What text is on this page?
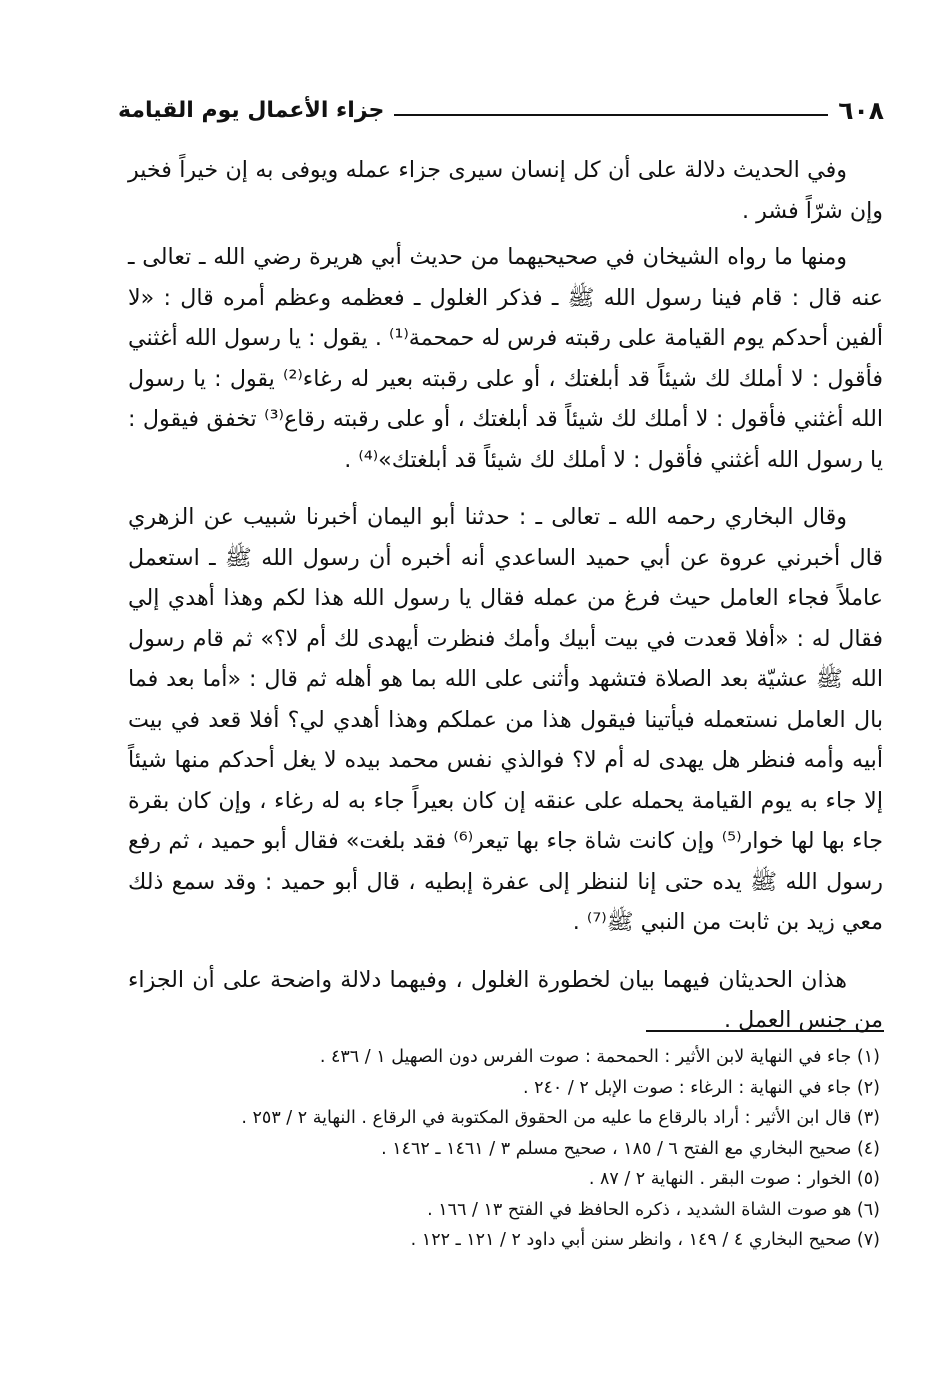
٦٠٨
جزاء الأعمال يوم القيامة

وفي الحديث دلالة على أن كل إنسان سيرى جزاء عمله ويوفى به إن خيراً فخير وإن شرّاً فشر .

ومنها ما رواه الشيخان في صحيحيهما من حديث أبي هريرة رضي الله ـ تعالى ـ عنه قال : قام فينا رسول الله ﷺ ـ فذكر الغلول ـ فعظمه وعظم أمره قال : «لا ألفين أحدكم يوم القيامة على رقبته فرس له حمحمة⁽¹⁾ . يقول : يا رسول الله أغثني فأقول : لا أملك لك شيئاً قد أبلغتك ، أو على رقبته بعير له رغاء⁽²⁾ يقول : يا رسول الله أغثني فأقول : لا أملك لك شيئاً قد أبلغتك ، أو على رقبته رقاع⁽³⁾ تخفق فيقول : يا رسول الله أغثني فأقول : لا أملك لك شيئاً قد أبلغتك»⁽⁴⁾ .

وقال البخاري رحمه الله ـ تعالى ـ : حدثنا أبو اليمان أخبرنا شبيب عن الزهري قال أخبرني عروة عن أبي حميد الساعدي أنه أخبره أن رسول الله ﷺ ـ استعمل عاملاً فجاء العامل حيث فرغ من عمله فقال يا رسول الله هذا لكم وهذا أهدي إلي فقال له : «أفلا قعدت في بيت أبيك وأمك فنظرت أيهدى لك أم لا؟» ثم قام رسول الله ﷺ عشيّة بعد الصلاة فتشهد وأثنى على الله بما هو أهله ثم قال : «أما بعد فما بال العامل نستعمله فيأتينا فيقول هذا من عملكم وهذا أهدي لي؟ أفلا قعد في بيت أبيه وأمه فنظر هل يهدى له أم لا؟ فوالذي نفس محمد بيده لا يغل أحدكم منها شيئاً إلا جاء به يوم القيامة يحمله على عنقه إن كان بعيراً جاء به له رغاء ، وإن كان بقرة جاء بها لها خوار⁽⁵⁾ وإن كانت شاة جاء بها تيعر⁽⁶⁾ فقد بلغت» فقال أبو حميد ، ثم رفع رسول الله ﷺ يده حتى إنا لننظر إلى عفرة إبطيه ، قال أبو حميد : وقد سمع ذلك معي زيد بن ثابت من النبي ﷺ⁽⁷⁾ .

هذان الحديثان فيهما بيان لخطورة الغلول ، وفيهما دلالة واضحة على أن الجزاء من جنس العمل .

(١) جاء في النهاية لابن الأثير : الحمحمة : صوت الفرس دون الصهيل ١ / ٤٣٦ .
(٢) جاء في النهاية : الرغاء : صوت الإبل ٢ / ٢٤٠ .
(٣) قال ابن الأثير : أراد بالرقاع ما عليه من الحقوق المكتوبة في الرقاع . النهاية ٢ / ٢٥٣ .
(٤) صحيح البخاري مع الفتح ٦ / ١٨٥ ، صحيح مسلم ٣ / ١٤٦١ ـ ١٤٦٢ .
(٥) الخوار : صوت البقر . النهاية ٢ / ٨٧ .
(٦) هو صوت الشاة الشديد ، ذكره الحافظ في الفتح ١٣ / ١٦٦ .
(٧) صحيح البخاري ٤ / ١٤٩ ، وانظر سنن أبي داود ٢ / ١٢١ ـ ١٢٢ .
